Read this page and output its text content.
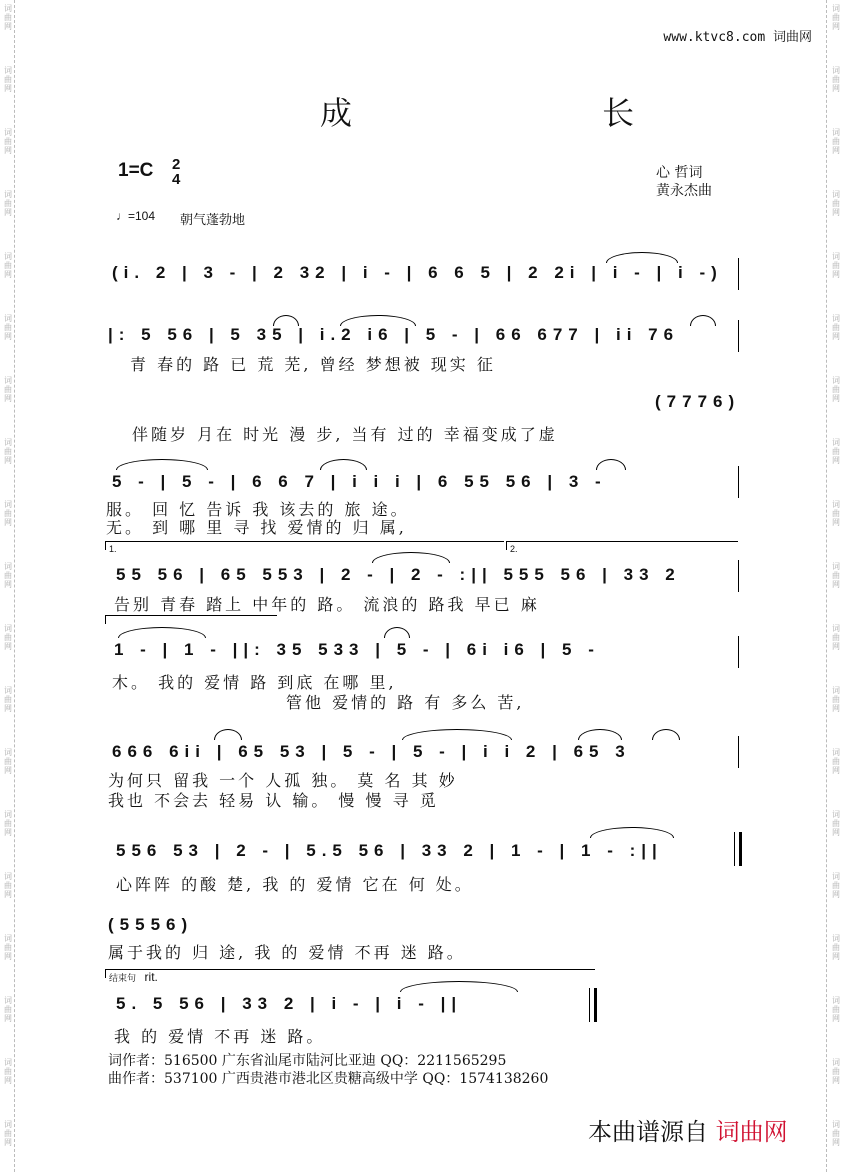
词
曲
网
词
曲
网
词
曲
网
词
曲
网
词
曲
网
词
曲
网
词
曲
网
词
曲
网
词
曲
网
词
曲
网
词
曲
网
词
曲
网
词
曲
网
词
曲
网
词
曲
网
词
曲
网
词
曲
网
词
曲
网
词
曲
网
词
曲
网
词
曲
网
词
曲
网
词
曲
网
词
曲
网
词
曲
网
词
曲
网
词
曲
网
词
曲
网
词
曲
网
词
曲
网
词
曲
网
词
曲
网
词
曲
网
词
曲
网
词
曲
网
词
曲
网
词
曲
网
词
曲
网
www.ktvc8.com 词曲网
成 长
1=C 2
4	心 哲词
黄永杰曲
♩=104 朝气蓬勃地
(i. 2 | 3 - | 2 32 | i - | 6 6 5 | 2 2i | i - | i -)
|: 5 56 | 5 35 | i.2 i6 | 5 - | 66 677 | ii 76
青 春的 路 已 荒 芜, 曾经 梦想被 现实 征
(7776)
伴随岁 月在 时光 漫 步, 当有 过的 幸福变成了虚
5 - | 5 - | 6 6 7 | i i i | 6 55 56 | 3 -
服。 回 忆 告诉 我 该去的 旅 途。
无。 到 哪 里 寻 找 爱情的 归 属,
1.	2.
55 56 | 65 553 | 2 - | 2 - :|| 555 56 | 33 2
告别 青春 踏上 中年的 路。 流浪的 路我 早已 麻
1 - | 1 - ||: 35 533 | 5 - | 6i i6 | 5 -
木。 我的 爱情 路 到底 在哪 里,
管他 爱情的 路 有 多么 苦,
666 6ii | 65 53 | 5 - | 5 - | i i 2 | 65 3
为何只 留我 一个 人孤 独。 莫 名 其 妙
我也 不会去 轻易 认 输。 慢 慢 寻 觅
556 53 | 2 - | 5.5 56 | 33 2 | 1 - | 1 - :||
心阵阵 的酸 楚, 我 的 爱情 它在 何 处。
(5556)
属于我的 归 途, 我 的 爱情 不再 迷 路。
结束句 rit.
5. 5 56 | 33 2 | i - | i - ||
我 的 爱情 不再 迷 路。
词作者：516500 广东省汕尾市陆河比亚迪 QQ：2211565295
曲作者：537100 广西贵港市港北区贵糖高级中学 QQ：1574138260
本曲谱源自 词曲网
